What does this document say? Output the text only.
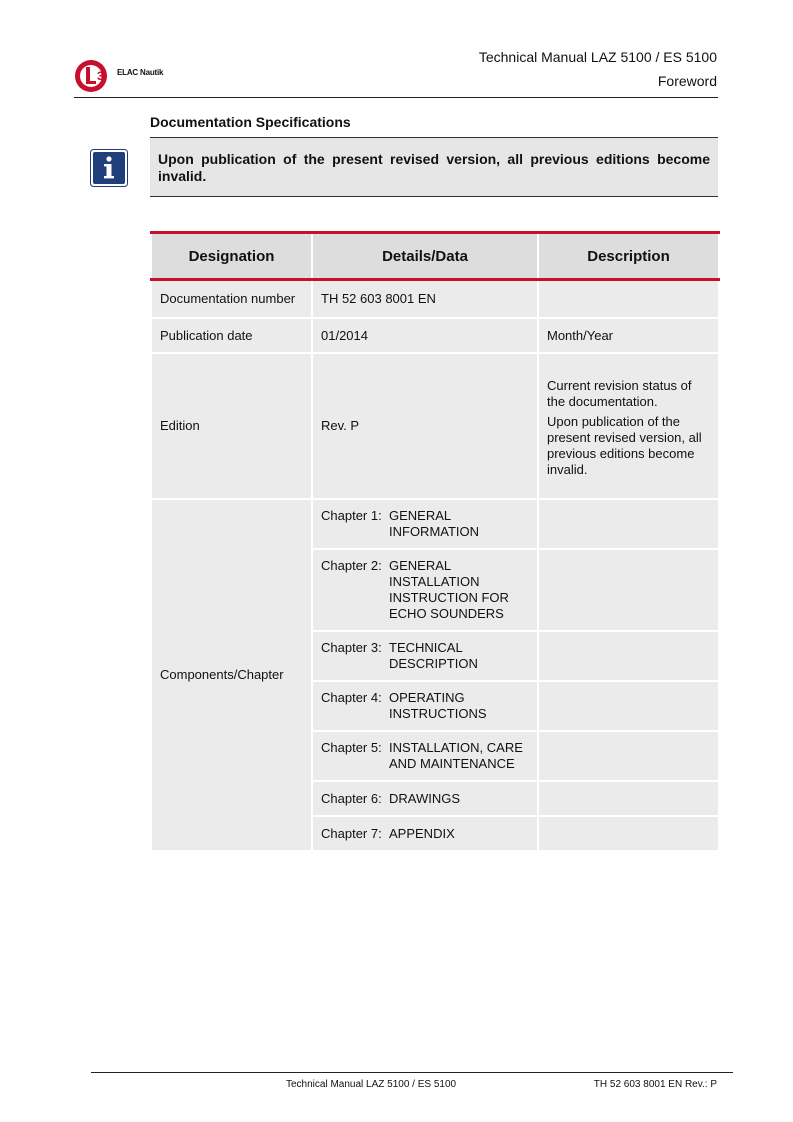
3 ELAC Nautik
Technical Manual LAZ 5100 / ES 5100
Foreword
Documentation Specifications
Upon publication of the present revised version, all previous editions become invalid.
Designation	Details/Data	Description
Documentation number	TH 52 603 8001 EN	
Publication date	01/2014	Month/Year
Edition	Rev. P	Current revision status of the documentation.

Upon publication of the present revised version, all previous editions become invalid.

Components/Chapter	Chapter 1: GENERAL INFORMATION	

	Chapter 2: GENERAL INSTALLATION INSTRUCTION FOR ECHO SOUNDERS	

	Chapter 3: TECHNICAL DESCRIPTION	

	Chapter 4: OPERATING INSTRUCTIONS	

	Chapter 5: INSTALLATION, CARE AND MAINTENANCE	

	Chapter 6: DRAWINGS	

	Chapter 7: APPENDIX	

Technical Manual LAZ 5100 / ES 5100	TH 52 603 8001 EN Rev.: P
